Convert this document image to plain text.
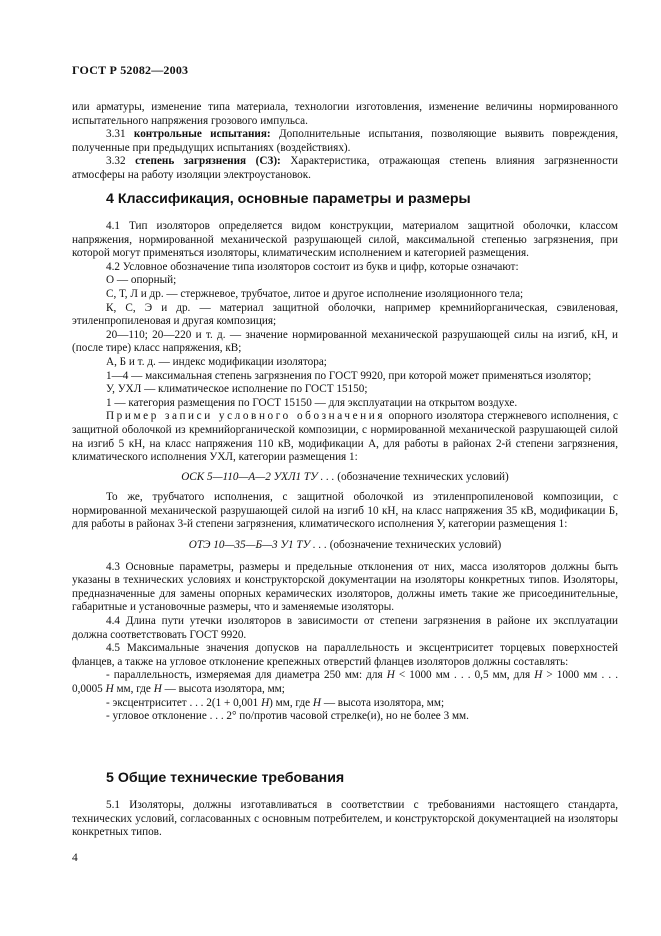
ГОСТ Р 52082—2003

или арматуры, изменение типа материала, технологии изготовления, изменение величины нормированного испытательного напряжения грозового импульса.

3.31 контрольные испытания: Дополнительные испытания, позволяющие выявить повреждения, полученные при предыдущих испытаниях (воздействиях).

3.32 степень загрязнения (СЗ): Характеристика, отражающая степень влияния загрязненности атмосферы на работу изоляции электроустановок.

4 Классификация, основные параметры и размеры

4.1 Тип изоляторов определяется видом конструкции, материалом защитной оболочки, классом напряжения, нормированной механической разрушающей силой, максимальной степенью загрязнения, при которой могут применяться изоляторы, климатическим исполнением и категорией размещения.

4.2 Условное обозначение типа изоляторов состоит из букв и цифр, которые означают:

О — опорный;

С, Т, Л и др. — стержневое, трубчатое, литое и другое исполнение изоляционного тела;

К, С, Э и др. — материал защитной оболочки, например кремнийорганическая, сэвиленовая, этиленпропиленовая и другая композиция;

20—110; 20—220 и т. д. — значение нормированной механической разрушающей силы на изгиб, кН, и (после тире) класс напряжения, кВ;

А, Б и т. д. — индекс модификации изолятора;

1—4 — максимальная степень загрязнения по ГОСТ 9920, при которой может применяться изолятор;

У, УХЛ — климатическое исполнение по ГОСТ 15150;

1 — категория размещения по ГОСТ 15150 — для эксплуатации на открытом воздухе.

Пример записи условного обозначения опорного изолятора стержневого исполнения, с защитной оболочкой из кремнийорганической композиции, с нормированной механической разрушающей силой на изгиб 5 кН, на класс напряжения 110 кВ, модификации А, для работы в районах 2-й степени загрязнения, климатического исполнения УХЛ, категории размещения 1:

ОСК 5—110—А—2 УХЛ1 ТУ . . . (обозначение технических условий)

То же, трубчатого исполнения, с защитной оболочкой из этиленпропиленовой композиции, с нормированной механической разрушающей силой на изгиб 10 кН, на класс напряжения 35 кВ, модификации Б, для работы в районах 3-й степени загрязнения, климатического исполнения У, категории размещения 1:

ОТЭ 10—35—Б—3 У1 ТУ . . . (обозначение технических условий)

4.3 Основные параметры, размеры и предельные отклонения от них, масса изоляторов должны быть указаны в технических условиях и конструкторской документации на изоляторы конкретных типов. Изоляторы, предназначенные для замены опорных керамических изоляторов, должны иметь такие же присоединительные, габаритные и установочные размеры, что и заменяемые изоляторы.

4.4 Длина пути утечки изоляторов в зависимости от степени загрязнения в районе их эксплуатации должна соответствовать ГОСТ 9920.

4.5 Максимальные значения допусков на параллельность и эксцентриситет торцевых поверхностей фланцев, а также на угловое отклонение крепежных отверстий фланцев изоляторов должны составлять:

- параллельность, измеряемая для диаметра 250 мм: для H < 1000 мм . . . 0,5 мм, для H > 1000 мм . . . 0,0005 H мм, где H — высота изолятора, мм;

- эксцентриситет . . . 2(1 + 0,001 H) мм, где H — высота изолятора, мм;

- угловое отклонение . . . 2° по/против часовой стрелке(и), но не более 3 мм.

5 Общие технические требования

5.1 Изоляторы, должны изготавливаться в соответствии с требованиями настоящего стандарта, технических условий, согласованных с основным потребителем, и конструкторской документацией на изоляторы конкретных типов.

4
